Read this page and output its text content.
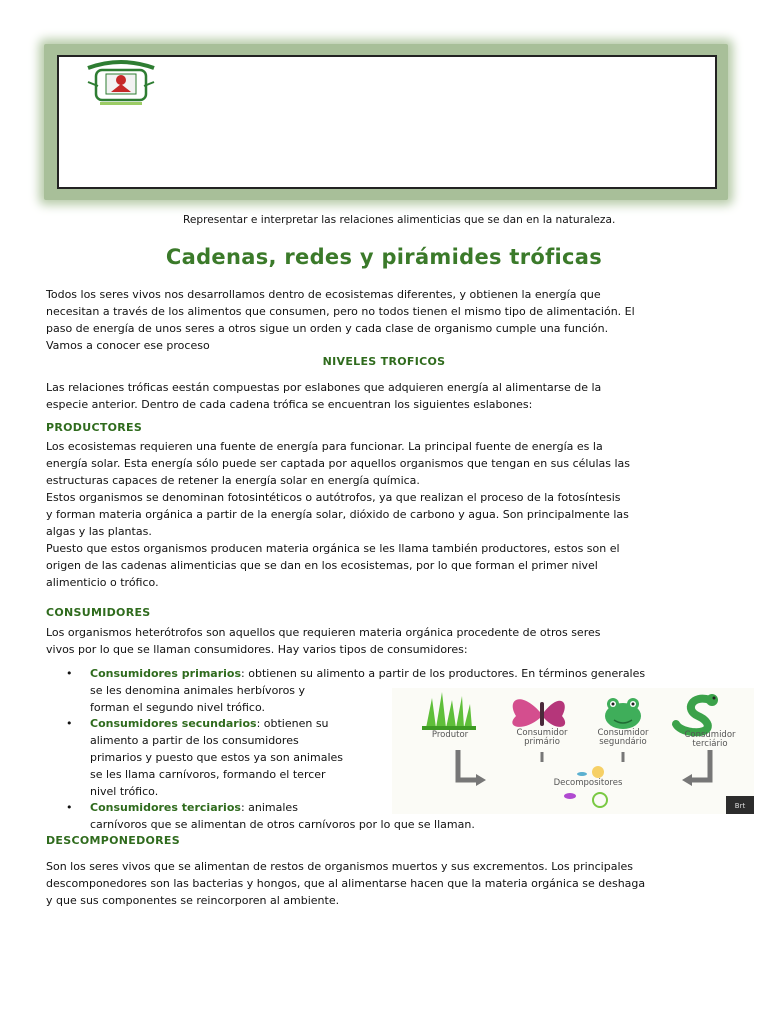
Representar e interpretar las relaciones alimenticias que se dan en la naturaleza.
Cadenas, redes y pirámides tróficas
Todos los seres vivos nos desarrollamos dentro de ecosistemas diferentes, y obtienen la energía que
necesitan a través de los alimentos que consumen, pero no todos tienen el mismo tipo de alimentación. El
paso de energía de unos seres a otros sigue un orden y cada clase de organismo cumple una función.
Vamos a conocer ese proceso
NIVELES TROFICOS
Las relaciones tróficas eestán compuestas por eslabones que adquieren energía al alimentarse de la
especie anterior. Dentro de cada cadena trófica se encuentran los siguientes eslabones:
PRODUCTORES
Los ecosistemas requieren una fuente de energía para funcionar. La principal fuente de energía es la
energía solar. Esta energía sólo puede ser captada por aquellos organismos que tengan en sus células las
estructuras capaces de retener la energía solar en energía química.
Estos organismos se denominan fotosintéticos o autótrofos, ya que realizan el proceso de la fotosíntesis
y forman materia orgánica a partir de la energía solar, dióxido de carbono y agua. Son principalmente las
algas y las plantas.
Puesto que estos organismos producen materia orgánica se les llama también productores, estos son el
origen de las cadenas alimenticias que se dan en los ecosistemas, por lo que forman el primer nivel
alimenticio o trófico.
CONSUMIDORES
Los organismos heterótrofos son aquellos que requieren materia orgánica procedente de otros seres
vivos por lo que se llaman consumidores. Hay varios tipos de consumidores:
• Consumidores primarios: obtienen su alimento a partir de los productores. En términos generales
se les denomina animales herbívoros y
forman el segundo nivel trófico.
• Consumidores secundarios: obtienen su
alimento a partir de los consumidores
primarios y puesto que estos ya son animales
se les llama carnívoros, formando el tercer
nivel trófico.
• Consumidores terciarios: animales
carnívoros que se alimentan de otros carnívoros por lo que se llaman.
Produtor	Consumidor
primário
Consumidor
segundário
Consumidor
terciário
Decompositores
Brt
DESCOMPONEDORES
Son los seres vivos que se alimentan de restos de organismos muertos y sus excrementos. Los principales
descomponedores son las bacterias y hongos, que al alimentarse hacen que la materia orgánica se deshaga
y que sus componentes se reincorporen al ambiente.
